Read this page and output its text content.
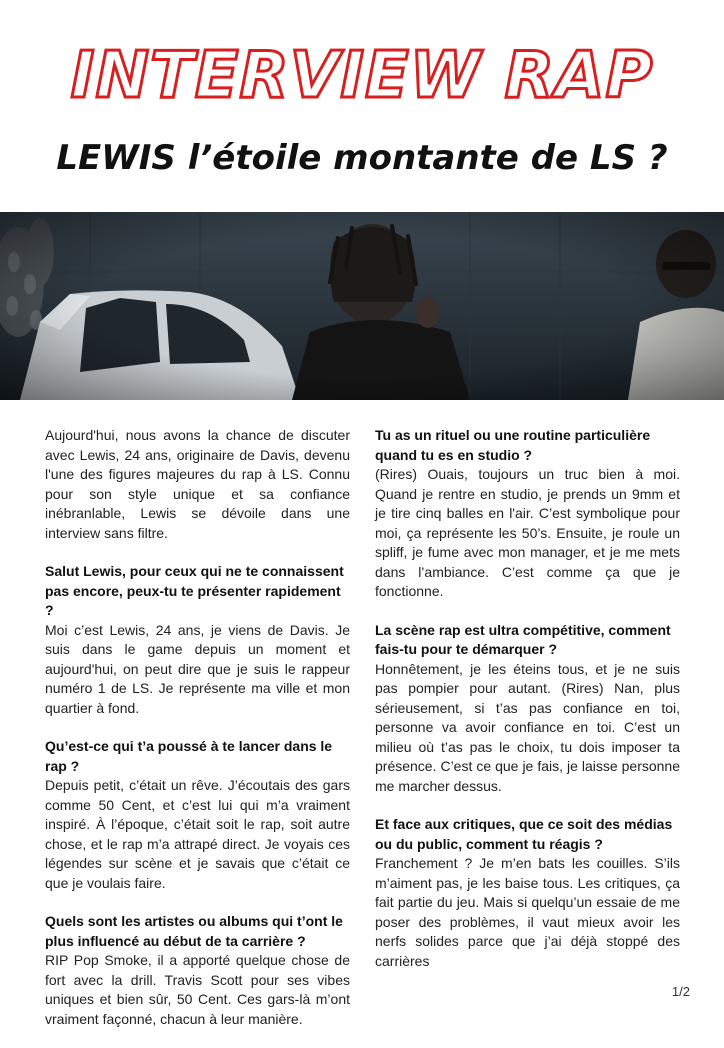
INTERVIEW RAP
LEWIS l’étoile montante de LS ?
Aujourd'hui, nous avons la chance de discuter avec Lewis, 24 ans, originaire de Davis, devenu l'une des figures majeures du rap à LS. Connu pour son style unique et sa confiance inébranlable, Lewis se dévoile dans une interview sans filtre.
Salut Lewis, pour ceux qui ne te connaissent pas encore, peux-tu te présenter rapidement ?
Moi c’est Lewis, 24 ans, je viens de Davis. Je suis dans le game depuis un moment et aujourd'hui, on peut dire que je suis le rappeur numéro 1 de LS. Je représente ma ville et mon quartier à fond.
Qu’est-ce qui t’a poussé à te lancer dans le rap ?
Depuis petit, c’était un rêve. J’écoutais des gars comme 50 Cent, et c’est lui qui m’a vraiment inspiré. À l’époque, c’était soit le rap, soit autre chose, et le rap m’a attrapé direct. Je voyais ces légendes sur scène et je savais que c’était ce que je voulais faire.
Quels sont les artistes ou albums qui t’ont le plus influencé au début de ta carrière ?
RIP Pop Smoke, il a apporté quelque chose de fort avec la drill. Travis Scott pour ses vibes uniques et bien sûr, 50 Cent. Ces gars-là m’ont vraiment façonné, chacun à leur manière.
Tu as un rituel ou une routine particulière quand tu es en studio ?
(Rires) Ouais, toujours un truc bien à moi. Quand je rentre en studio, je prends un 9mm et je tire cinq balles en l'air. C’est symbolique pour moi, ça représente les 50’s. Ensuite, je roule un spliff, je fume avec mon manager, et je me mets dans l’ambiance. C’est comme ça que je fonctionne.
La scène rap est ultra compétitive, comment fais-tu pour te démarquer ?
Honnêtement, je les éteins tous, et je ne suis pas pompier pour autant. (Rires) Nan, plus sérieusement, si t’as pas confiance en toi, personne va avoir confiance en toi. C’est un milieu où t’as pas le choix, tu dois imposer ta présence. C’est ce que je fais, je laisse personne me marcher dessus.
Et face aux critiques, que ce soit des médias ou du public, comment tu réagis ?
Franchement ? Je m’en bats les couilles. S’ils m’aiment pas, je les baise tous. Les critiques, ça fait partie du jeu. Mais si quelqu’un essaie de me poser des problèmes, il vaut mieux avoir les nerfs solides parce que j’ai déjà stoppé des carrières
1/2
